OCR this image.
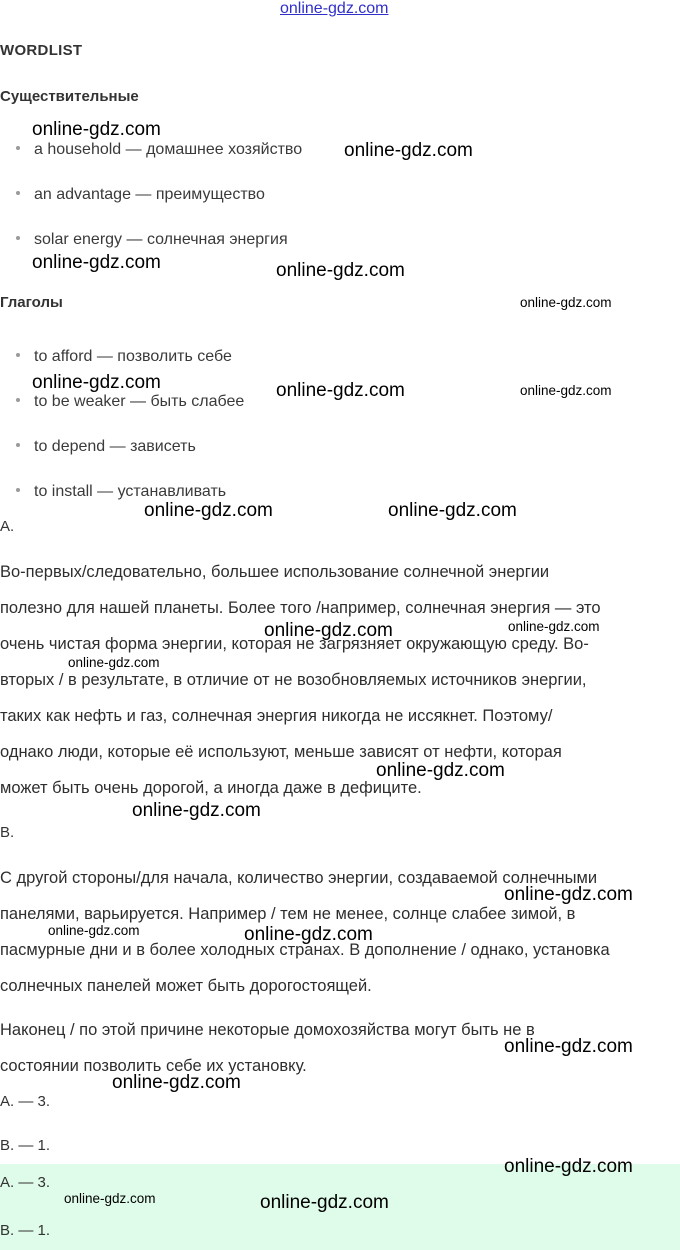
online-gdz.com
WORDLIST
Существительные
a household — домашнее хозяйство
an advantage — преимущество
solar energy — солнечная энергия
Глаголы
to afford — позволить себе
to be weaker — быть слабее
to depend — зависеть
to install — устанавливать
A.
Во-первых/следовательно, большее использование солнечной энергии
полезно для нашей планеты. Более того /например, солнечная энергия — это
очень чистая форма энергии, которая не загрязняет окружающую среду. Во-
вторых / в результате, в отличие от не возобновляемых источников энергии,
таких как нефть и газ, солнечная энергия никогда не иссякнет. Поэтому/
однако люди, которые её используют, меньше зависят от нефти, которая
может быть очень дорогой, а иногда даже в дефиците.
B.
С другой стороны/для начала, количество энергии, создаваемой солнечными
панелями, варьируется. Например / тем не менее, солнце слабее зимой, в
пасмурные дни и в более холодных странах. В дополнение / однако, установка
солнечных панелей может быть дорогостоящей.
Наконец / по этой причине некоторые домохозяйства могут быть не в
состоянии позволить себе их установку.
A. — 3.
B. — 1.
A. — 3.
B. — 1.
online-gdz.com
online-gdz.com
online-gdz.com	online-gdz.com
online-gdz.com
online-gdz.com	online-gdz.com	online-gdz.com
online-gdz.com	online-gdz.com
online-gdz.com	online-gdz.com
online-gdz.com
online-gdz.com
online-gdz.com
online-gdz.com
online-gdz.com	online-gdz.com
online-gdz.com
online-gdz.com
online-gdz.com
online-gdz.com	online-gdz.com
